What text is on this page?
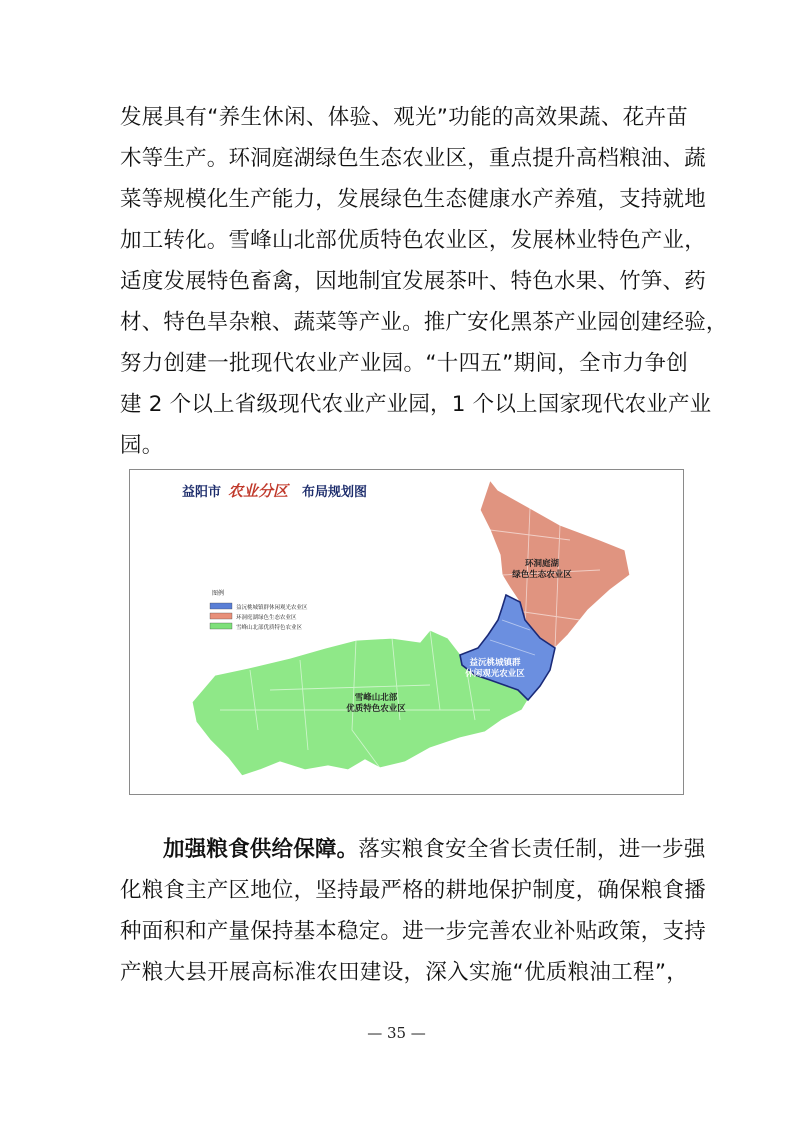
发展具有“养生休闲、体验、观光”功能的高效果蔬、花卉苗
木等生产。环洞庭湖绿色生态农业区，重点提升高档粮油、蔬
菜等规模化生产能力，发展绿色生态健康水产养殖，支持就地
加工转化。雪峰山北部优质特色农业区，发展林业特色产业，
适度发展特色畜禽，因地制宜发展茶叶、特色水果、竹笋、药
材、特色旱杂粮、蔬菜等产业。推广安化黑茶产业园创建经验，
努力创建一批现代农业产业园。“十四五”期间，全市力争创
建 2 个以上省级现代农业产业园，1 个以上国家现代农业产业
园。
益阳市 农业分区 布局规划图
图例
益沅桃城镇群休闲观光农业区
环洞庭湖绿色生态农业区
雪峰山北部优质特色农业区
环洞庭湖
绿色生态农业区
益沅桃城镇群
休闲观光农业区
雪峰山北部
优质特色农业区
加强粮食供给保障。落实粮食安全省长责任制，进一步强
化粮食主产区地位，坚持最严格的耕地保护制度，确保粮食播
种面积和产量保持基本稳定。进一步完善农业补贴政策，支持
产粮大县开展高标准农田建设，深入实施“优质粮油工程”，
— 35 —
